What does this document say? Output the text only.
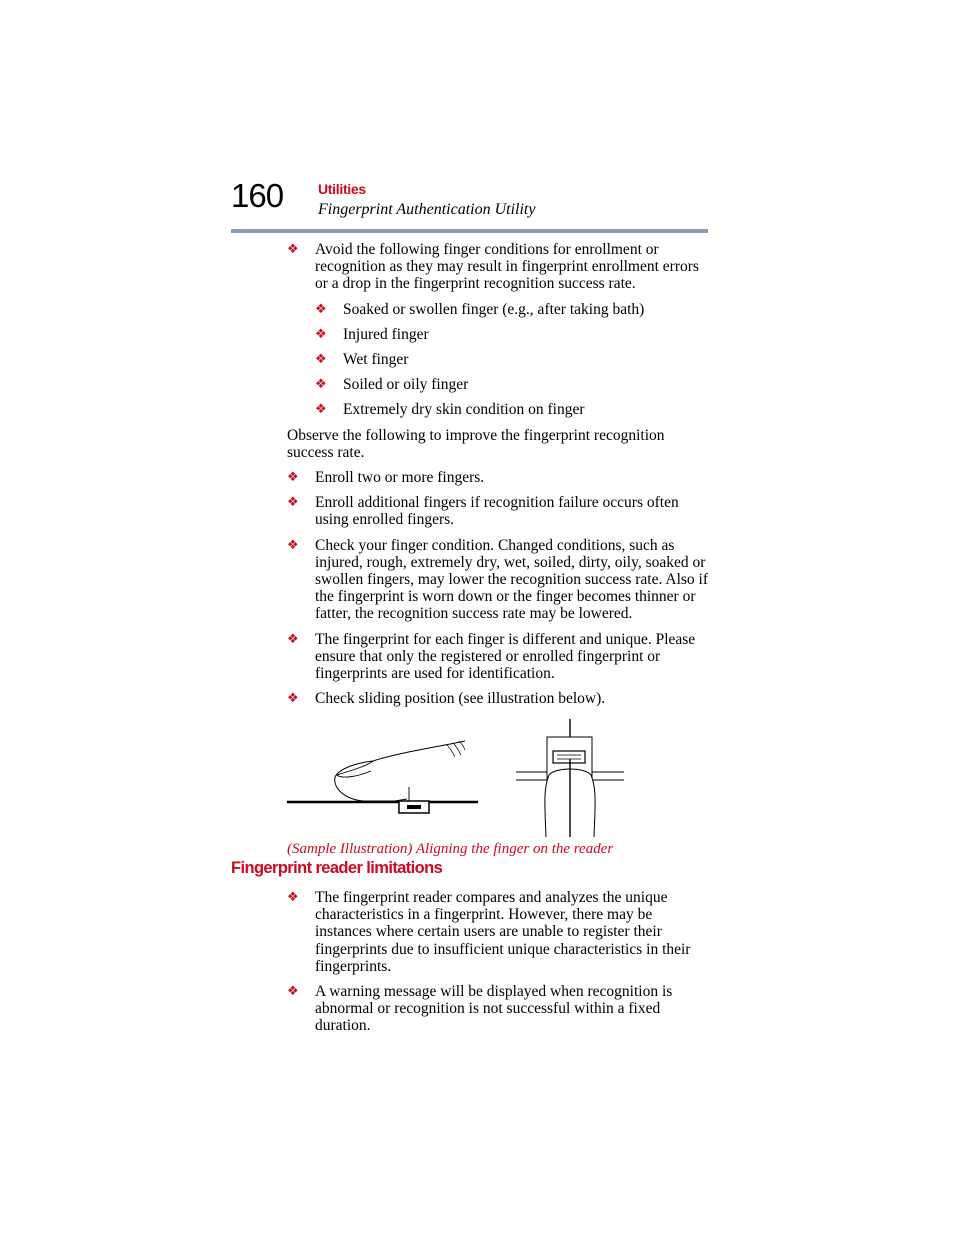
160 Utilities
Fingerprint Authentication Utility
❖ Avoid the following finger conditions for enrollment or recognition as they may result in fingerprint enrollment errors or a drop in the fingerprint recognition success rate.
❖ Soaked or swollen finger (e.g., after taking bath)
❖ Injured finger
❖ Wet finger
❖ Soiled or oily finger
❖ Extremely dry skin condition on finger
Observe the following to improve the fingerprint recognition success rate.
❖ Enroll two or more fingers.
❖ Enroll additional fingers if recognition failure occurs often using enrolled fingers.
❖ Check your finger condition. Changed conditions, such as injured, rough, extremely dry, wet, soiled, dirty, oily, soaked or swollen fingers, may lower the recognition success rate. Also if the fingerprint is worn down or the finger becomes thinner or fatter, the recognition success rate may be lowered.
❖ The fingerprint for each finger is different and unique. Please ensure that only the registered or enrolled fingerprint or fingerprints are used for identification.
❖ Check sliding position (see illustration below).
(Sample Illustration) Aligning the finger on the reader
Fingerprint reader limitations
❖ The fingerprint reader compares and analyzes the unique characteristics in a fingerprint. However, there may be instances where certain users are unable to register their fingerprints due to insufficient unique characteristics in their fingerprints.
❖ A warning message will be displayed when recognition is abnormal or recognition is not successful within a fixed duration.
